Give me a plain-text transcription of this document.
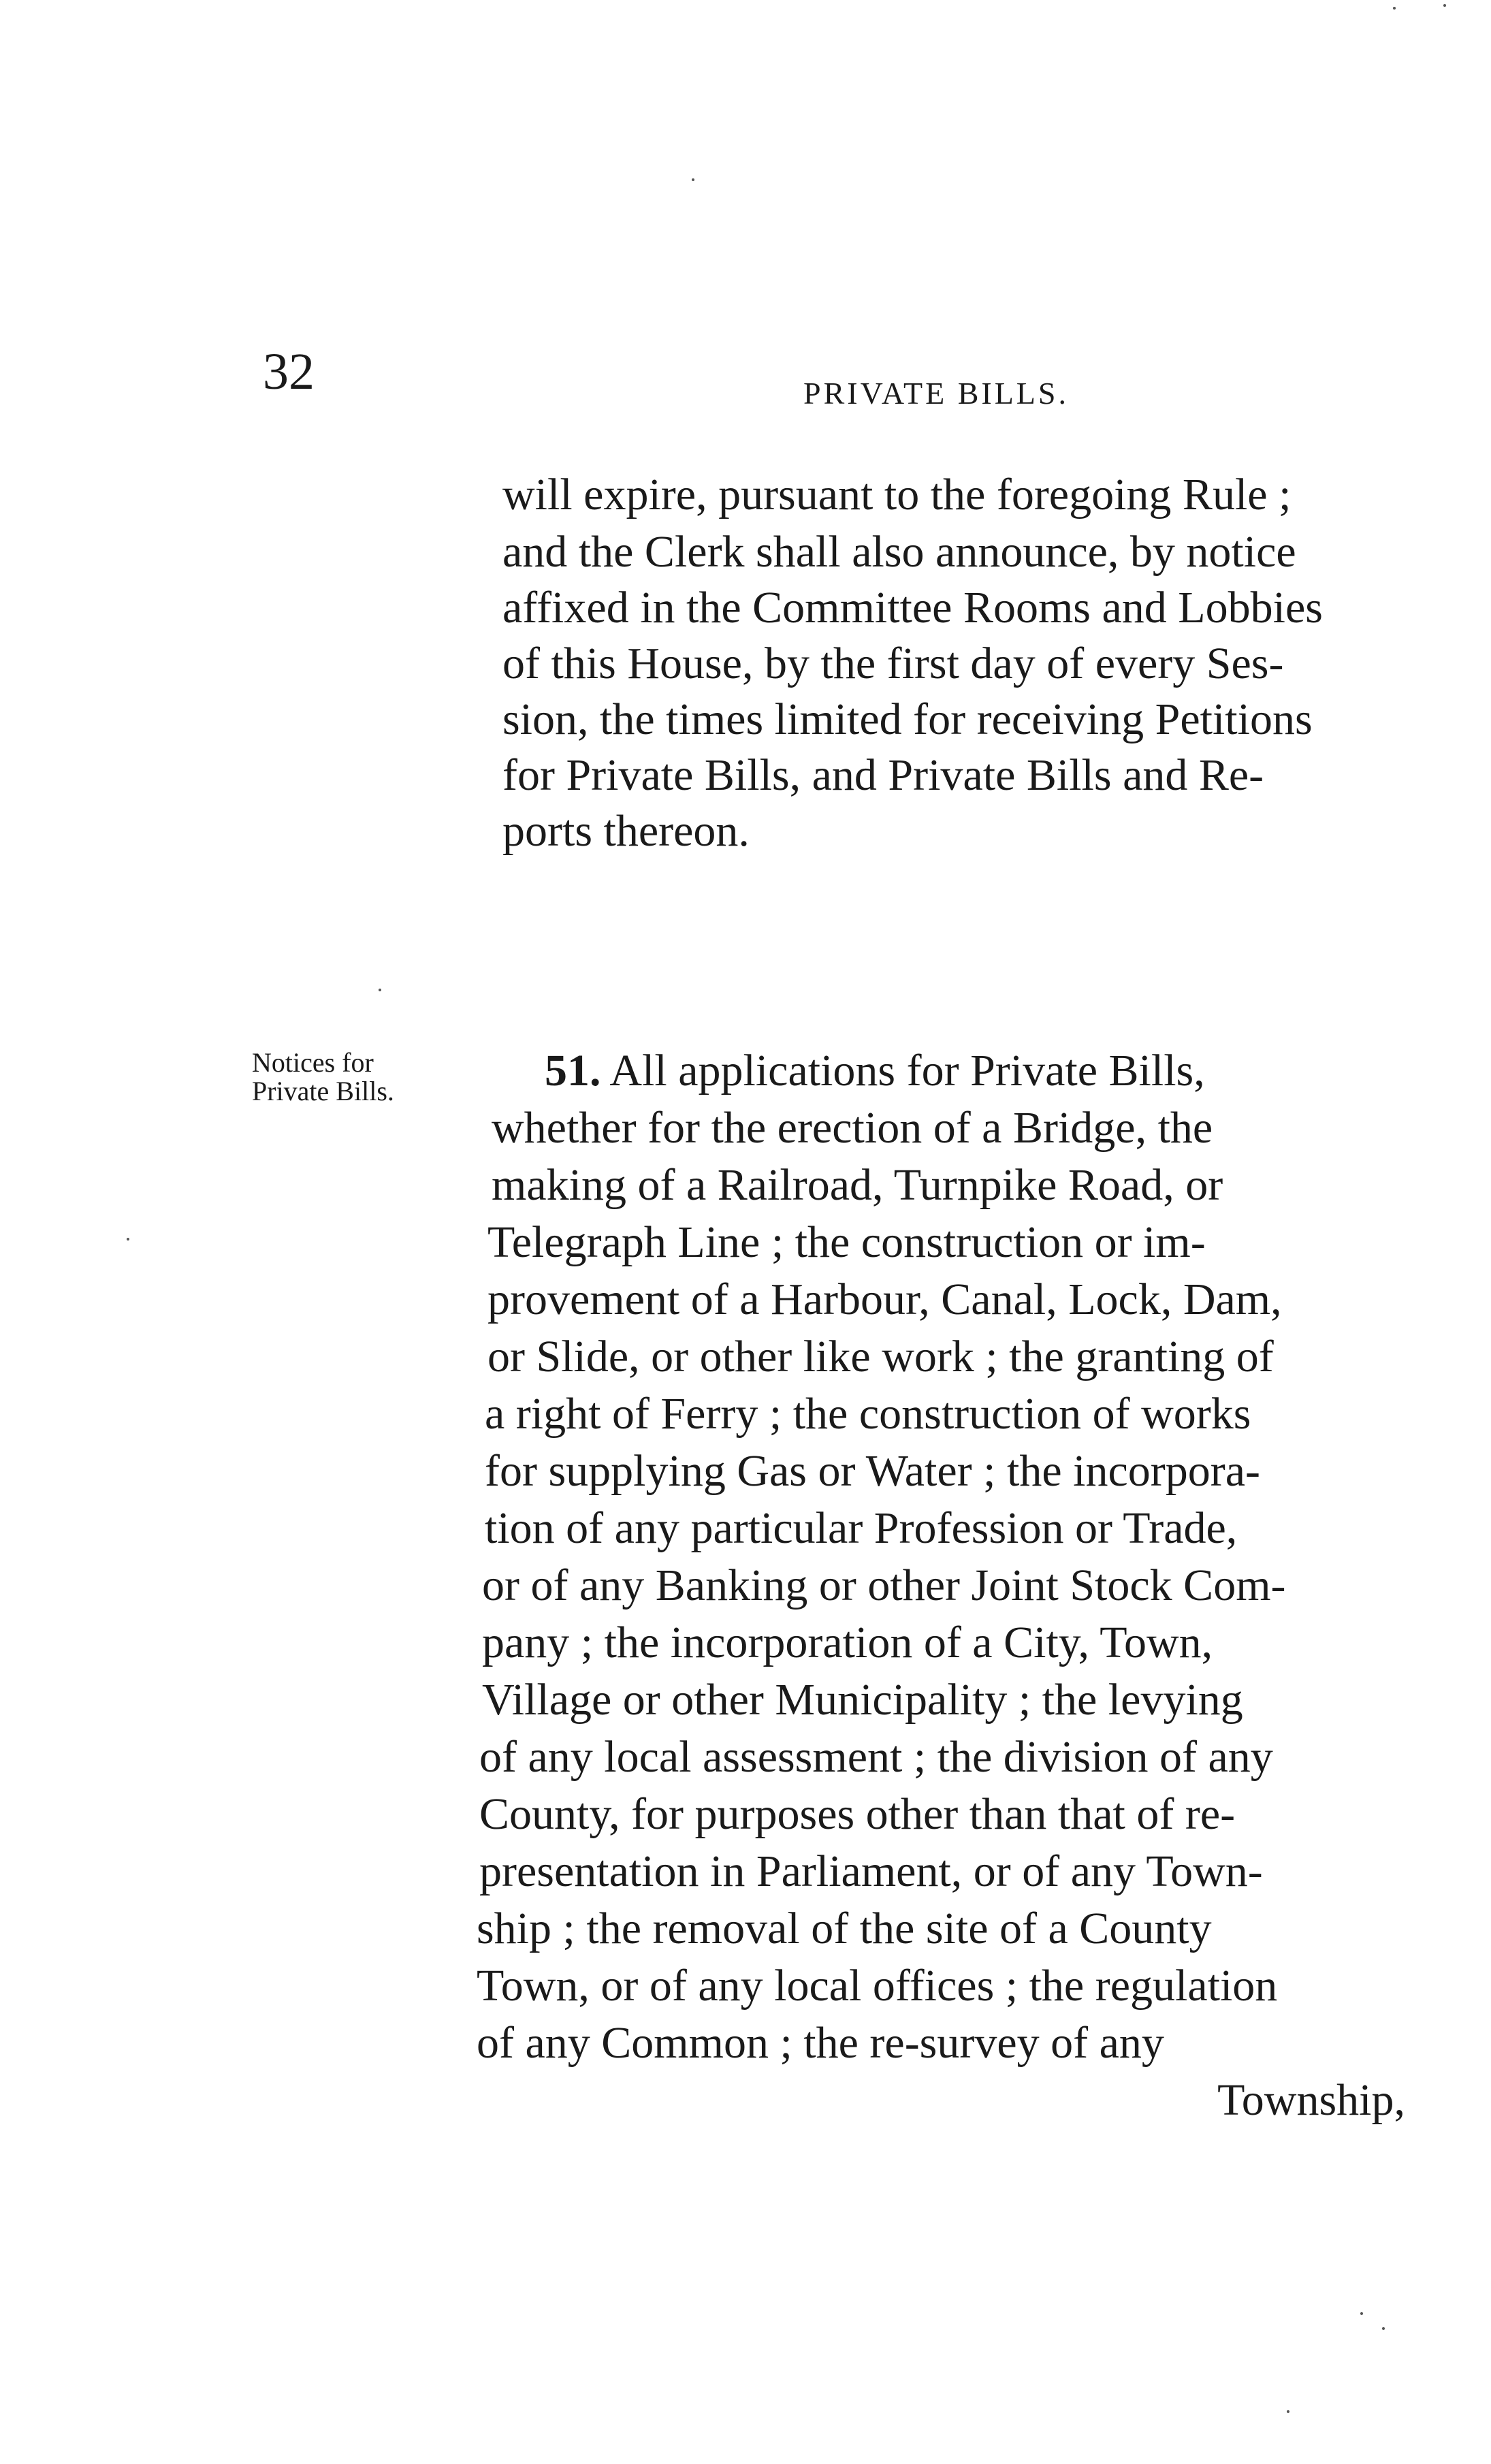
32	PRIVATE BILLS.
will expire, pursuant to the foregoing Rule ;
and the Clerk shall also announce, by notice
affixed in the Committee Rooms and Lobbies
of this House, by the first day of every Ses-
sion, the times limited for receiving Petitions
for Private Bills, and Private Bills and Re-
ports thereon.
Notices for
Private Bills.	51. All applications for Private Bills,
whether for the erection of a Bridge, the
making of a Railroad, Turnpike Road, or
Telegraph Line ; the construction or im-
provement of a Harbour, Canal, Lock, Dam,
or Slide, or other like work ; the granting of
a right of Ferry ; the construction of works
for supplying Gas or Water ; the incorpora-
tion of any particular Profession or Trade,
or of any Banking or other Joint Stock Com-
pany ; the incorporation of a City, Town,
Village or other Municipality ; the levying
of any local assessment ; the division of any
County, for purposes other than that of re-
presentation in Parliament, or of any Town-
ship ; the removal of the site of a County
Town, or of any local offices ; the regulation
of any Common ; the re-survey of any
Township,
